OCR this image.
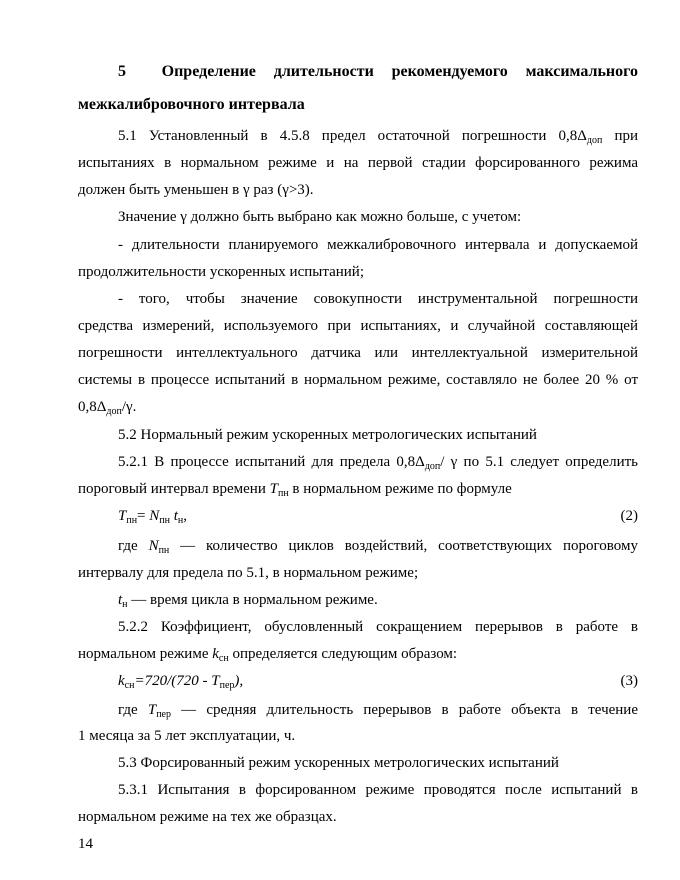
5 Определение длительности рекомендуемого максимального
межкалибровочного интервала
5.1 Установленный в 4.5.8 предел остаточной погрешности $0,8\Delta_{доп}$ при
испытаниях в нормальном режиме и на первой стадии форсированного режима
должен быть уменьшен в γ раз (γ>3).
Значение γ должно быть выбрано как можно больше, с учетом:
- длительности планируемого межкалибровочного интервала и допускаемой
продолжительности ускоренных испытаний;
- того, чтобы значение совокупности инструментальной погрешности
средства измерений, используемого при испытаниях, и случайной составляющей
погрешности интеллектуального датчика или интеллектуальной измерительной
системы в процессе испытаний в нормальном режиме, составляло не более 20 % от
$0,8\Delta_{доп}/\gamma$.
5.2 Нормальный режим ускоренных метрологических испытаний
5.2.1 В процессе испытаний для предела $0,8\Delta_{доп}/$ γ по 5.1 следует определить
пороговый интервал времени $T_{пн}$ в нормальном режиме по формуле
$T_{пн}= N_{пн}$ $t_н$,	(2)
где $N_{пн}$ — количество циклов воздействий, соответствующих пороговому
интервалу для предела по 5.1, в нормальном режиме;
$t_н$ — время цикла в нормальном режиме.
5.2.2 Коэффициент, обусловленный сокращением перерывов в работе в
нормальном режиме $k_{сн}$ определяется следующим образом:
$k_{сн}=720/(720 - T_{пер})$,	(3)
где $T_{пер}$ — средняя длительность перерывов в работе объекта в течение
1 месяца за 5 лет эксплуатации, ч.
5.3 Форсированный режим ускоренных метрологических испытаний
5.3.1 Испытания в форсированном режиме проводятся после испытаний в
нормальном режиме на тех же образцах.
14
